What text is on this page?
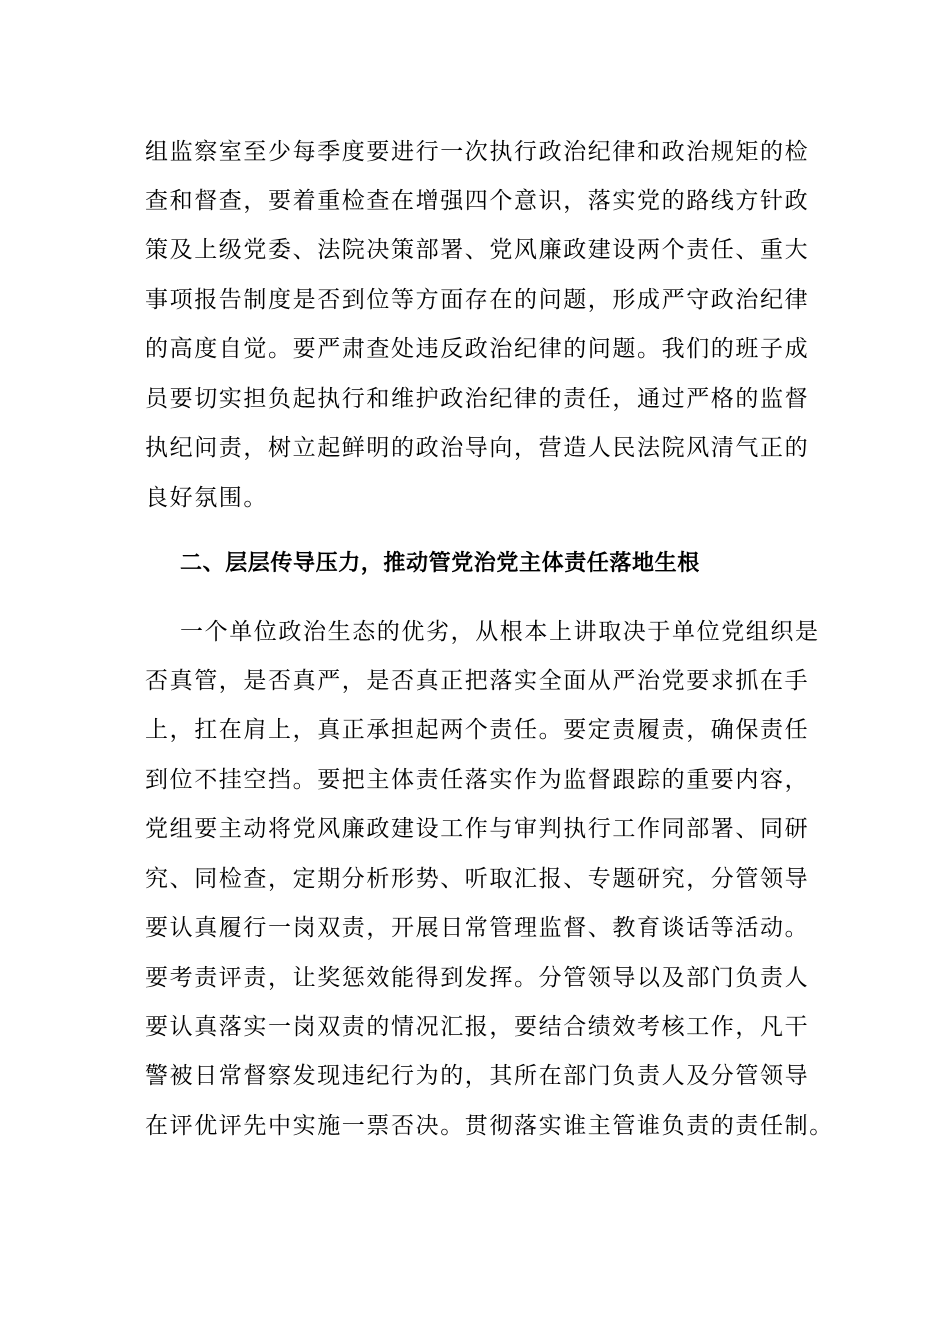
组监察室至少每季度要进行一次执行政治纪律和政治规矩的检
查和督查，要着重检查在增强四个意识，落实党的路线方针政
策及上级党委、法院决策部署、党风廉政建设两个责任、重大
事项报告制度是否到位等方面存在的问题，形成严守政治纪律
的高度自觉。要严肃查处违反政治纪律的问题。我们的班子成
员要切实担负起执行和维护政治纪律的责任，通过严格的监督
执纪问责，树立起鲜明的政治导向，营造人民法院风清气正的
良好氛围。
二、层层传导压力，推动管党治党主体责任落地生根
一个单位政治生态的优劣，从根本上讲取决于单位党组织是
否真管，是否真严，是否真正把落实全面从严治党要求抓在手
上，扛在肩上，真正承担起两个责任。要定责履责，确保责任
到位不挂空挡。要把主体责任落实作为监督跟踪的重要内容，
党组要主动将党风廉政建设工作与审判执行工作同部署、同研
究、同检查，定期分析形势、听取汇报、专题研究，分管领导
要认真履行一岗双责，开展日常管理监督、教育谈话等活动。
要考责评责，让奖惩效能得到发挥。分管领导以及部门负责人
要认真落实一岗双责的情况汇报，要结合绩效考核工作，凡干
警被日常督察发现违纪行为的，其所在部门负责人及分管领导
在评优评先中实施一票否决。贯彻落实谁主管谁负责的责任制。
